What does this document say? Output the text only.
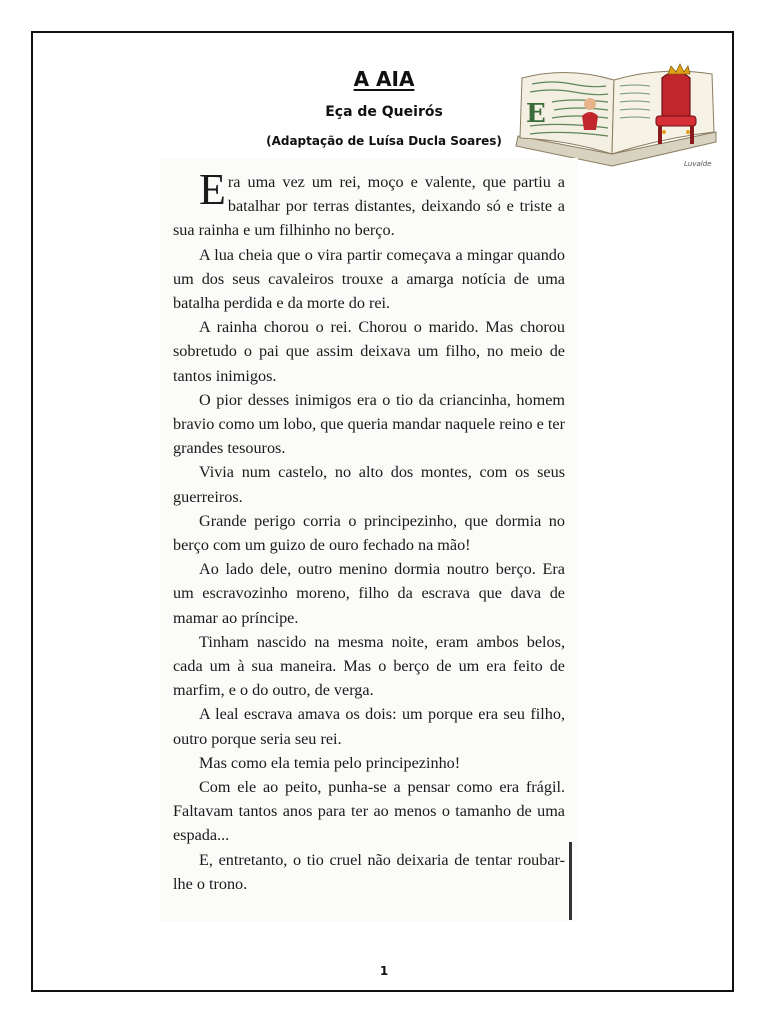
A AIA
Eça de Queirós
(Adaptação de Luísa Ducla Soares)
E
Luvalde

Era uma vez um rei, moço e valente, que partiu a batalhar por terras distantes, deixando só e triste a sua rainha e um filhinho no berço.

A lua cheia que o vira partir começava a mingar quando um dos seus cavaleiros trouxe a amarga notícia de uma batalha perdida e da morte do rei.

A rainha chorou o rei. Chorou o marido. Mas chorou sobretudo o pai que assim deixava um filho, no meio de tantos inimigos.

O pior desses inimigos era o tio da criancinha, homem bravio como um lobo, que queria mandar naquele reino e ter grandes tesouros.

Vivia num castelo, no alto dos montes, com os seus guerreiros.

Grande perigo corria o principezinho, que dormia no berço com um guizo de ouro fechado na mão!

Ao lado dele, outro menino dormia noutro berço. Era um escravozinho moreno, filho da escrava que dava de mamar ao príncipe.

Tinham nascido na mesma noite, eram ambos belos, cada um à sua maneira. Mas o berço de um era feito de marfim, e o do outro, de verga.

A leal escrava amava os dois: um porque era seu filho, outro porque seria seu rei.

Mas como ela temia pelo principezinho!

Com ele ao peito, punha-se a pensar como era frágil. Faltavam tantos anos para ter ao menos o tamanho de uma espada...

E, entretanto, o tio cruel não deixaria de tentar roubar-lhe o trono.

1
